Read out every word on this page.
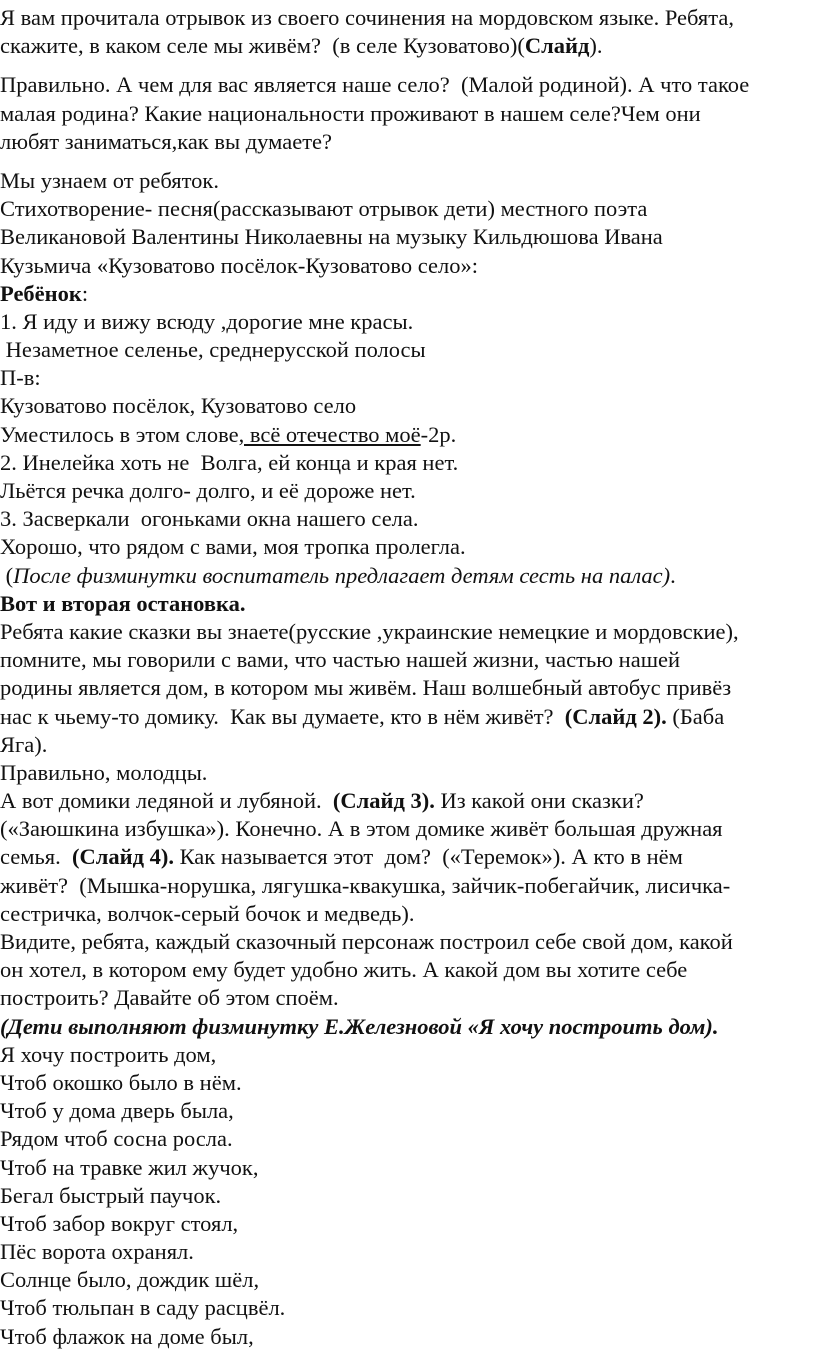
Я вам прочитала отрывок из своего сочинения на мордовском языке. Ребята,
скажите, в каком селе мы живём?  (в селе Кузоватово)(Слайд).
Правильно. А чем для вас является наше село?  (Малой родиной). А что такое
малая родина? Какие национальности проживают в нашем селе?Чем они
любят заниматься,как вы думаете?
Мы узнаем от ребяток.
Стихотворение- песня(рассказывают отрывок дети) местного поэта
Великановой Валентины Николаевны на музыку Кильдюшова Ивана
Кузьмича «Кузоватово посёлок-Кузоватово село»:
Ребёнок:
1. Я иду и вижу всюду ,дорогие мне красы.
Незаметное селенье, среднерусской полосы
П-в:
Кузоватово посёлок, Кузоватово село
Уместилось в этом слове, всё отечество моё-2р.
2. Инелейка хоть не  Волга, ей конца и края нет.
Льётся речка долго- долго, и её дороже нет.
3. Засверкали  огоньками окна нашего села.
Хорошо, что рядом с вами, моя тропка пролегла.
(После физминутки воспитатель предлагает детям сесть на палас).
Вот и вторая остановка.
Ребята какие сказки вы знаете(русские ,украинские немецкие и мордовские),
помните, мы говорили с вами, что частью нашей жизни, частью нашей
родины является дом, в котором мы живём. Наш волшебный автобус привёз
нас к чьему-то домику.  Как вы думаете, кто в нём живёт?  (Слайд 2). (Баба
Яга).
Правильно, молодцы.
А вот домики ледяной и лубяной.  (Слайд 3). Из какой они сказки?
(«Заюшкина избушка»). Конечно. А в этом домике живёт большая дружная
семья.  (Слайд 4). Как называется этот  дом?  («Теремок»). А кто в нём
живёт?  (Мышка-норушка, лягушка-квакушка, зайчик-побегайчик, лисичка-
сестричка, волчок-серый бочок и медведь).
Видите, ребята, каждый сказочный персонаж построил себе свой дом, какой
он хотел, в котором ему будет удобно жить. А какой дом вы хотите себе
построить? Давайте об этом споём.
(Дети выполняют физминутку Е.Железновой «Я хочу построить дом).
Я хочу построить дом,
Чтоб окошко было в нём.
Чтоб у дома дверь была,
Рядом чтоб сосна росла.
Чтоб на травке жил жучок,
Бегал быстрый паучок.
Чтоб забор вокруг стоял,
Пёс ворота охранял.
Солнце было, дождик шёл,
Чтоб тюльпан в саду расцвёл.
Чтоб флажок на доме был,
